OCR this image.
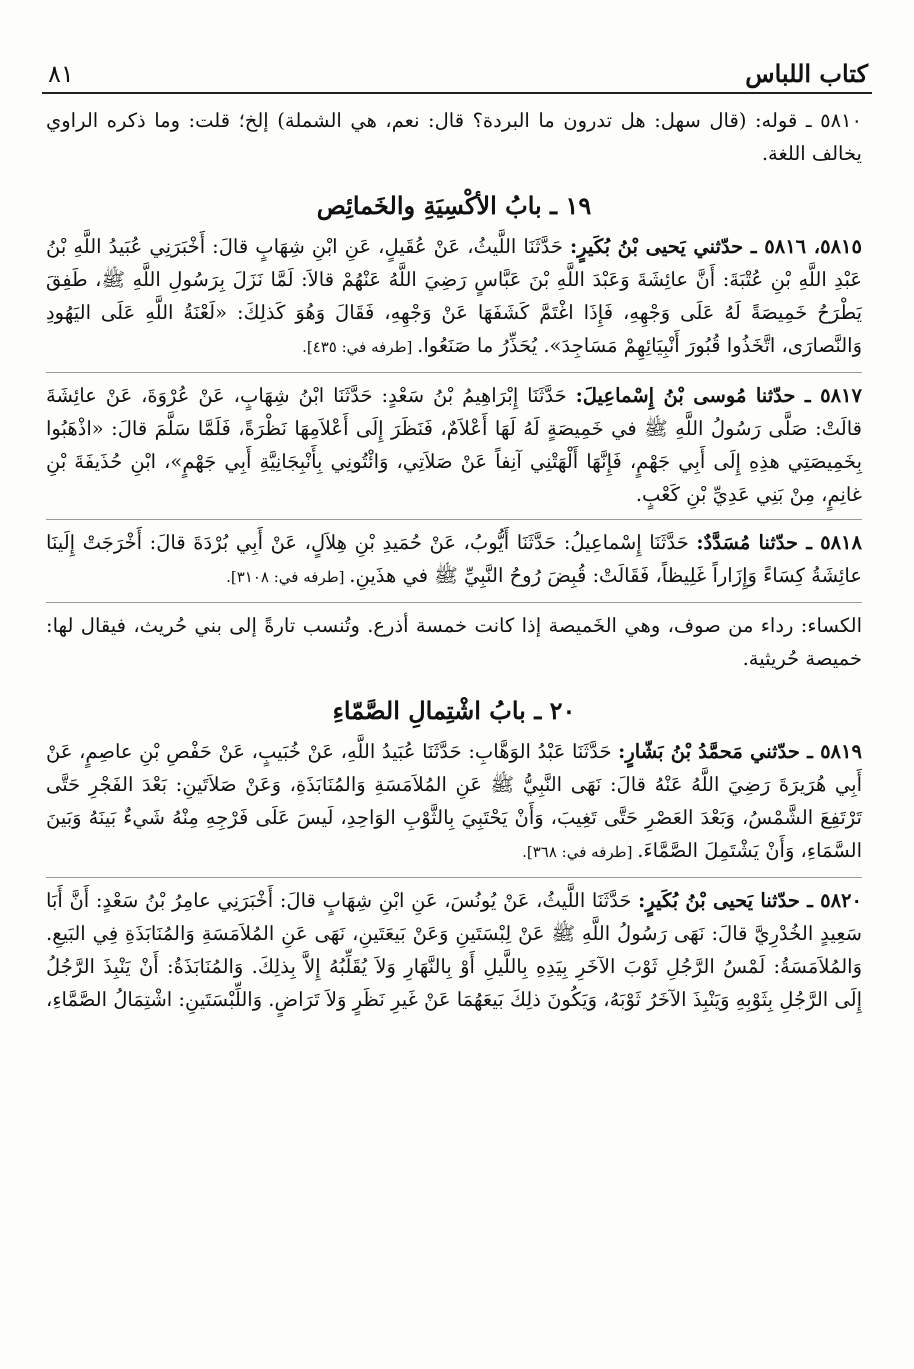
كتاب اللباس
٨١

٥٨١٠ ـ قوله: (قال سهل: هل تدرون ما البردة؟ قال: نعم، هي الشملة) إلخ؛ قلت: وما ذكره الراوي يخالف اللغة.

١٩ ـ بابُ الأكْسِيَةِ والخَمائِص

٥٨١٥، ٥٨١٦ ـ حدّثني يَحيى بْنُ بُكَيرٍ: حَدَّثَنَا اللَّيثُ، عَنْ عُقَيلٍ، عَنِ ابْنِ شِهَابٍ قالَ: أَخْبَرَنِي عُبَيدُ اللَّهِ بْنُ عَبْدِ اللَّهِ بْنِ عُتْبَةَ: أَنَّ عائِشَةَ وَعَبْدَ اللَّهِ بْنَ عَبَّاسٍ رَضِيَ اللَّهُ عَنْهُمْ قالاَ: لَمَّا نَزَلَ بِرَسُولِ اللَّهِ ﷺ، طَفِقَ يَطْرَحُ خَمِيصَةً لَهُ عَلَى وَجْهِهِ، فَإِذَا اغْتَمَّ كَشَفَهَا عَنْ وَجْهِهِ، فَقَالَ وَهُوَ كَذلِكَ: «لَعْنَةُ اللَّهِ عَلَى اليَهُودِ وَالنَّصارَى، اتَّخَذُوا قُبُورَ أَنْبِيَائِهِمْ مَسَاجِدَ». يُحَذِّرُ ما صَنَعُوا. [طرفه في: ٤٣٥].

٥٨١٧ ـ حدّثنا مُوسى بْنُ إِسْماعِيلَ: حَدَّثَنَا إِبْرَاهِيمُ بْنُ سَعْدٍ: حَدَّثَنَا ابْنُ شِهَابٍ، عَنْ عُرْوَةَ، عَنْ عائِشَةَ قالَتْ: صَلَّى رَسُولُ اللَّهِ ﷺ في خَمِيصَةٍ لَهُ لَهَا أَعْلاَمٌ، فَنَظَرَ إِلَى أَعْلاَمِهَا نَظْرَةً، فَلَمَّا سَلَّمَ قالَ: «اذْهَبُوا بِخَمِيصَتِي هذِهِ إِلَى أَبِي جَهْمٍ، فَإِنَّهَا أَلْهَتْنِي آنِفاً عَنْ صَلاَتِي، وَائْتُونِي بِأَنْبِجَانِيَّةِ أَبِي جَهْمٍ»، ابْنِ حُذَيفَةَ بْنِ غانِمٍ، مِنْ بَنِي عَدِيِّ بْنِ كَعْبٍ.

٥٨١٨ ـ حدّثنا مُسَدَّدٌ: حَدَّثَنَا إِسْماعِيلُ: حَدَّثَنَا أَيُّوبُ، عَنْ حُمَيدِ بْنِ هِلاَلٍ، عَنْ أَبِي بُرْدَةَ قالَ: أَخْرَجَتْ إِلَينَا عائِشَةُ كِسَاءً وَإِزَاراً غَلِيظاً، فَقَالَتْ: قُبِضَ رُوحُ النَّبِيِّ ﷺ في هذَينِ. [طرفه في: ٣١٠٨].

الكساء: رداء من صوف، وهي الخَميصة إذا كانت خمسة أذرع. وتُنسب تارةً إلى بني حُريث، فيقال لها: خميصة حُريثية.

٢٠ ـ بابُ اشْتِمالِ الصَّمّاءِ

٥٨١٩ ـ حدّثني مَحمَّدُ بْنُ بَشّارٍ: حَدَّثَنَا عَبْدُ الوَهَّابِ: حَدَّثَنَا عُبَيدُ اللَّهِ، عَنْ خُبَيبٍ، عَنْ حَفْصِ بْنِ عاصِمٍ، عَنْ أَبِي هُرَيرَةَ رَضِيَ اللَّهُ عَنْهُ قالَ: نَهَى النَّبِيُّ ﷺ عَنِ المُلاَمَسَةِ وَالمُنَابَذَةِ، وَعَنْ صَلاَتَينِ: بَعْدَ الفَجْرِ حَتَّى تَرْتَفِعَ الشَّمْسُ، وَبَعْدَ العَصْرِ حَتَّى تَغِيبَ، وَأَنْ يَحْتَبِيَ بِالثَّوْبِ الوَاحِدِ، لَيسَ عَلَى فَرْجِهِ مِنْهُ شَيءٌ بَينَهُ وَبَينَ السَّمَاءِ، وَأَنْ يَشْتَمِلَ الصَّمَّاءَ. [طرفه في: ٣٦٨].

٥٨٢٠ ـ حدّثنا يَحيى بْنُ بُكَيرٍ: حَدَّثَنَا اللَّيثُ، عَنْ يُونُسَ، عَنِ ابْنِ شِهَابٍ قالَ: أَخْبَرَنِي عامِرُ بْنُ سَعْدٍ: أَنَّ أَبَا سَعِيدٍ الخُدْرِيَّ قالَ: نَهَى رَسُولُ اللَّهِ ﷺ عَنْ لِبْسَتَينِ وَعَنْ بَيعَتَينِ، نَهَى عَنِ المُلاَمَسَةِ وَالمُنَابَذَةِ فِي البَيعِ. وَالمُلاَمَسَةُ: لَمْسُ الرَّجُلِ ثَوْبَ الآخَرِ بِيَدِهِ بِاللَّيلِ أَوْ بِالنَّهَارِ وَلاَ يُقَلِّبُهُ إِلاَّ بِذلِكَ. وَالمُنَابَذَةُ: أَنْ يَنْبِذَ الرَّجُلُ إِلَى الرَّجُلِ بِثَوْبِهِ وَيَنْبِذَ الآخَرُ ثَوْبَهُ، وَيَكُونَ ذلِكَ بَيعَهُمَا عَنْ غَيرِ نَظَرٍ وَلاَ تَرَاضٍ. وَاللِّبْسَتَينِ: اشْتِمَالُ الصَّمَّاءِ،
